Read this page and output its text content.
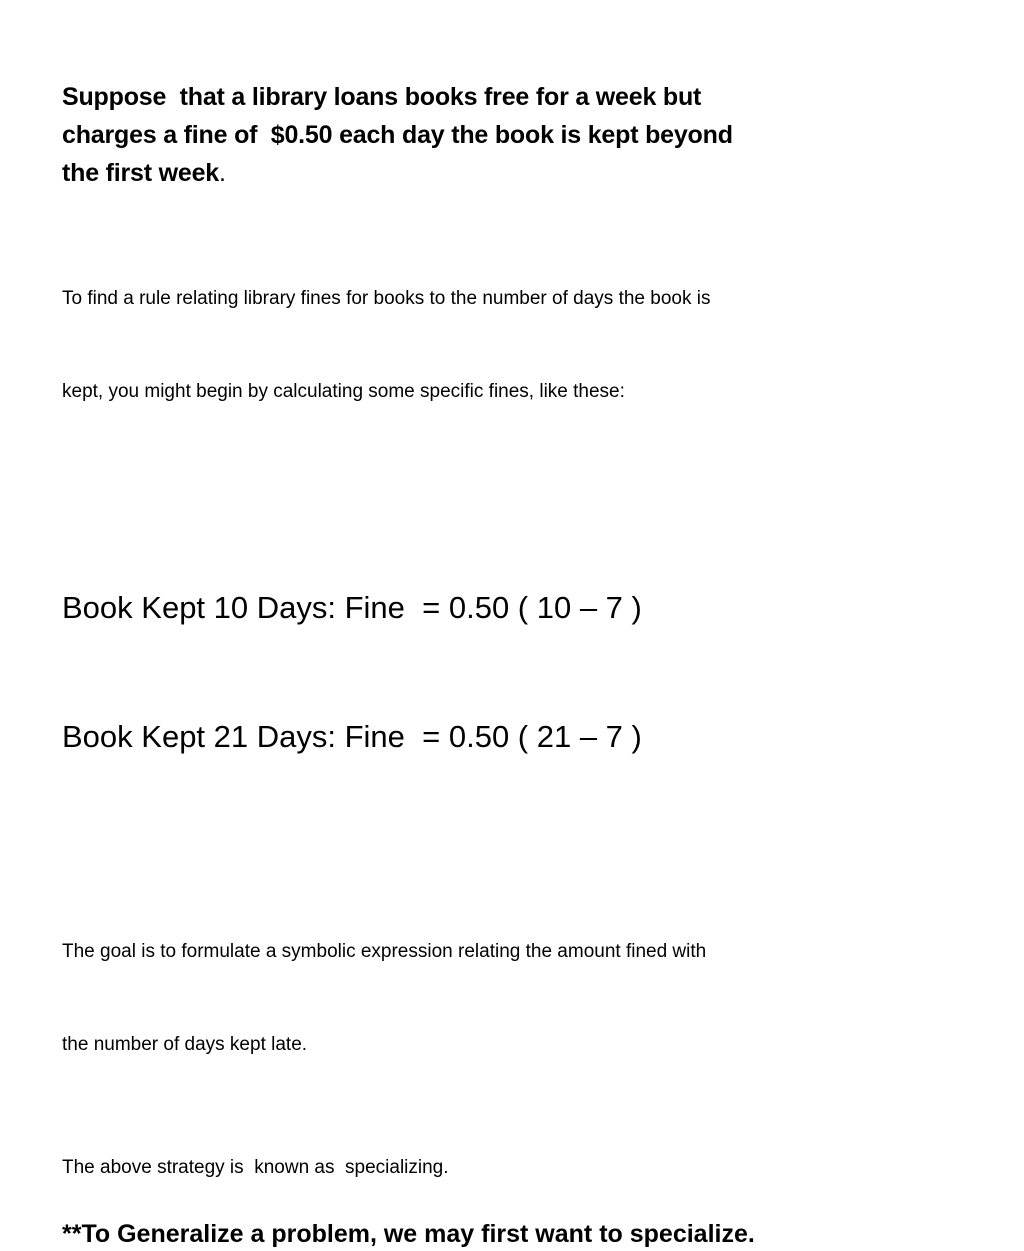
Suppose  that a library loans books free for a week but
charges a fine of  $0.50 each day the book is kept beyond
the first week.

To find a rule relating library fines for books to the number of days the book is

kept, you might begin by calculating some specific fines, like these:

Book Kept 10 Days: Fine  = 0.50 ( 10 – 7 )

Book Kept 21 Days: Fine  = 0.50 ( 21 – 7 )

The goal is to formulate a symbolic expression relating the amount fined with

the number of days kept late.

The above strategy is  known as  specializing.
**To Generalize a problem, we may first want to specialize.
